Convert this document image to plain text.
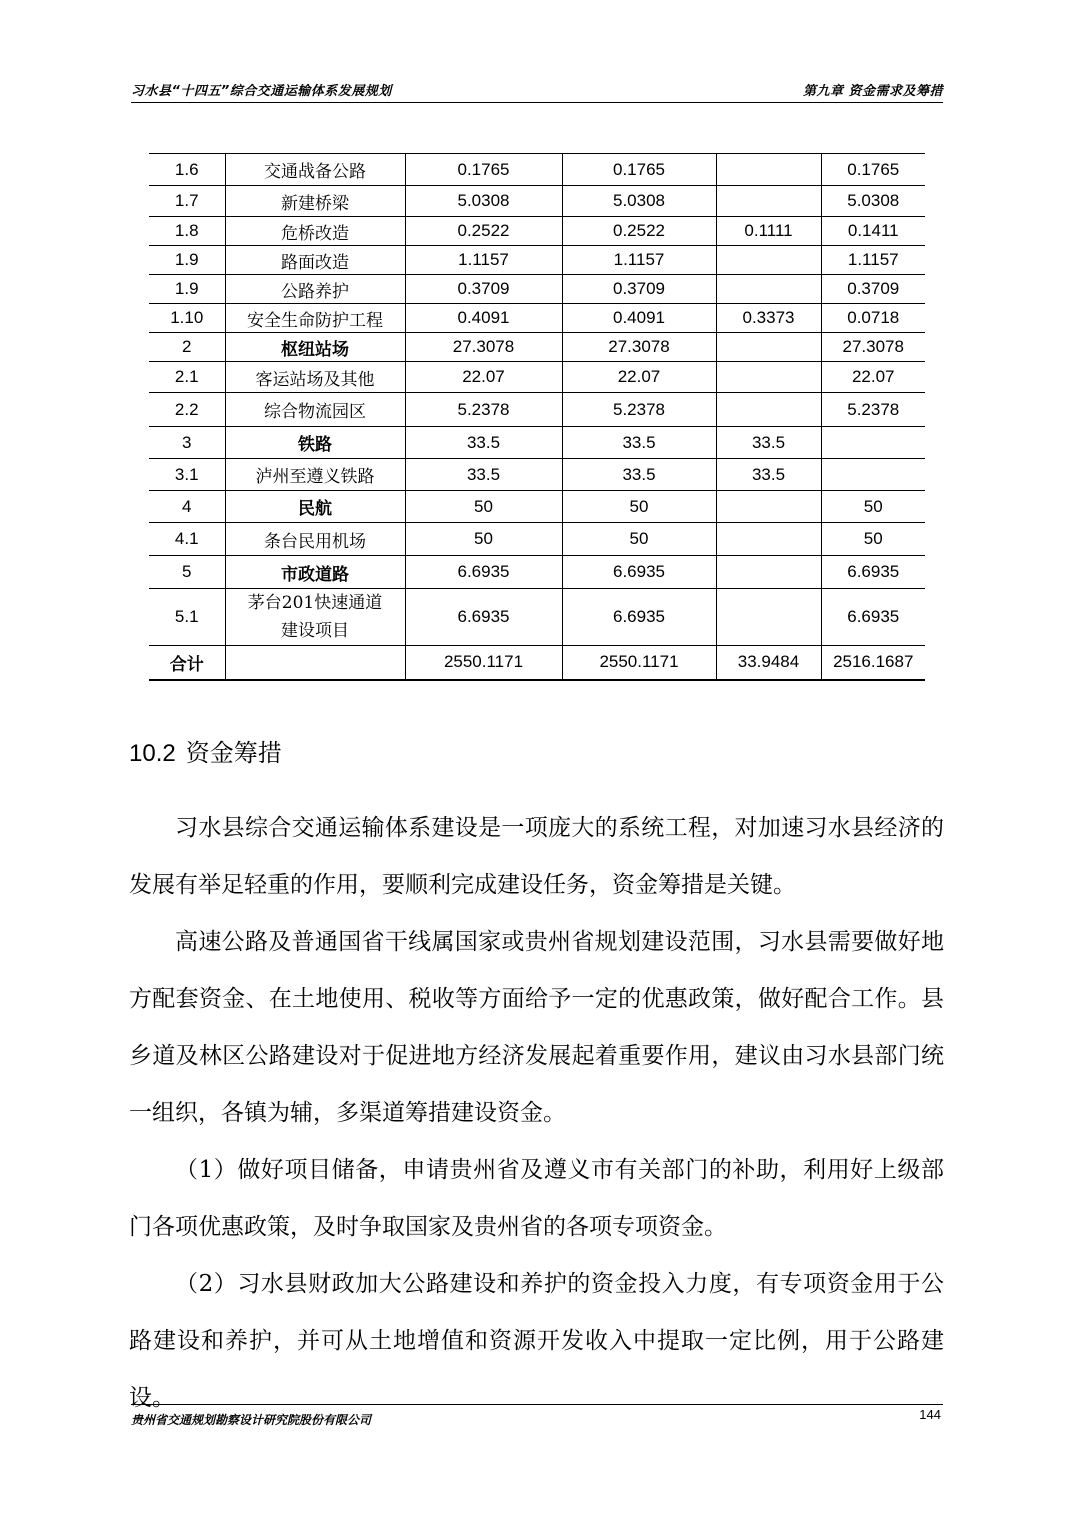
习水县“十四五”综合交通运输体系发展规划	第九章 资金需求及筹措
1.6	交通战备公路	0.1765	0.1765		0.1765
1.7	新建桥梁	5.0308	5.0308		5.0308
1.8	危桥改造	0.2522	0.2522	0.1111	0.1411
1.9	路面改造	1.1157	1.1157		1.1157
1.9	公路养护	0.3709	0.3709		0.3709
1.10	安全生命防护工程	0.4091	0.4091	0.3373	0.0718
2	枢纽站场	27.3078	27.3078		27.3078
2.1	客运站场及其他	22.07	22.07		22.07
2.2	综合物流园区	5.2378	5.2378		5.2378
3	铁路	33.5	33.5	33.5	
3.1	泸州至遵义铁路	33.5	33.5	33.5	
4	民航	50	50		50
4.1	条台民用机场	50	50		50
5	市政道路	6.6935	6.6935		6.6935
5.1	茅台201快速通道
建设项目	6.6935	6.6935		6.6935
合计		2550.1171	2550.1171	33.9484	2516.1687
10.2 资金筹措

习水县综合交通运输体系建设是一项庞大的系统工程，对加速习水县经济的发展有举足轻重的作用，要顺利完成建设任务，资金筹措是关键。

高速公路及普通国省干线属国家或贵州省规划建设范围，习水县需要做好地方配套资金、在土地使用、税收等方面给予一定的优惠政策，做好配合工作。县乡道及林区公路建设对于促进地方经济发展起着重要作用，建议由习水县部门统一组织，各镇为辅，多渠道筹措建设资金。

（1）做好项目储备，申请贵州省及遵义市有关部门的补助，利用好上级部门各项优惠政策，及时争取国家及贵州省的各项专项资金。

（2）习水县财政加大公路建设和养护的资金投入力度，有专项资金用于公路建设和养护，并可从土地增值和资源开发收入中提取一定比例，用于公路建设。

贵州省交通规划勘察设计研究院股份有限公司	144
